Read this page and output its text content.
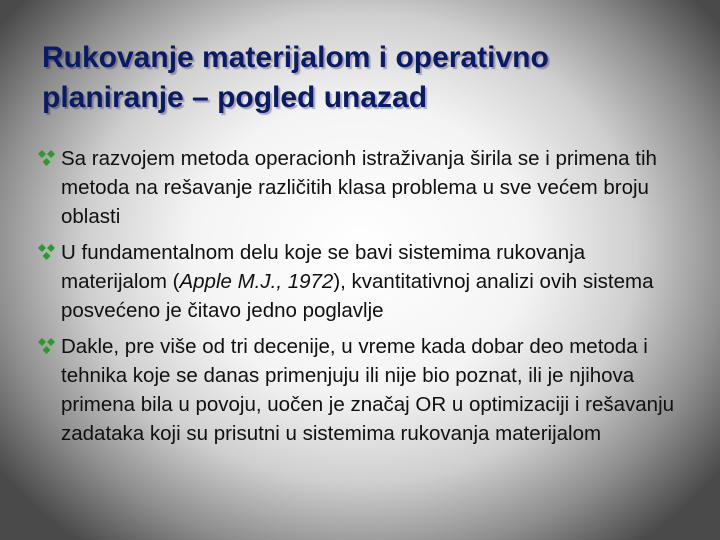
Rukovanje materijalom i operativno planiranje – pogled unazad
Sa razvojem metoda operacionh istraživanja širila se i primena tih metoda na rešavanje različitih klasa problema u sve većem broju oblasti
U fundamentalnom delu koje se bavi sistemima rukovanja materijalom (Apple M.J., 1972), kvantitativnoj analizi ovih sistema posvećeno je čitavo jedno poglavlje
Dakle, pre više od tri decenije, u vreme kada dobar deo metoda i tehnika koje se danas primenjuju ili nije bio poznat, ili je njihova primena bila u povoju, uočen je značaj OR u optimizaciji i rešavanju zadataka koji su prisutni u sistemima rukovanja materijalom
